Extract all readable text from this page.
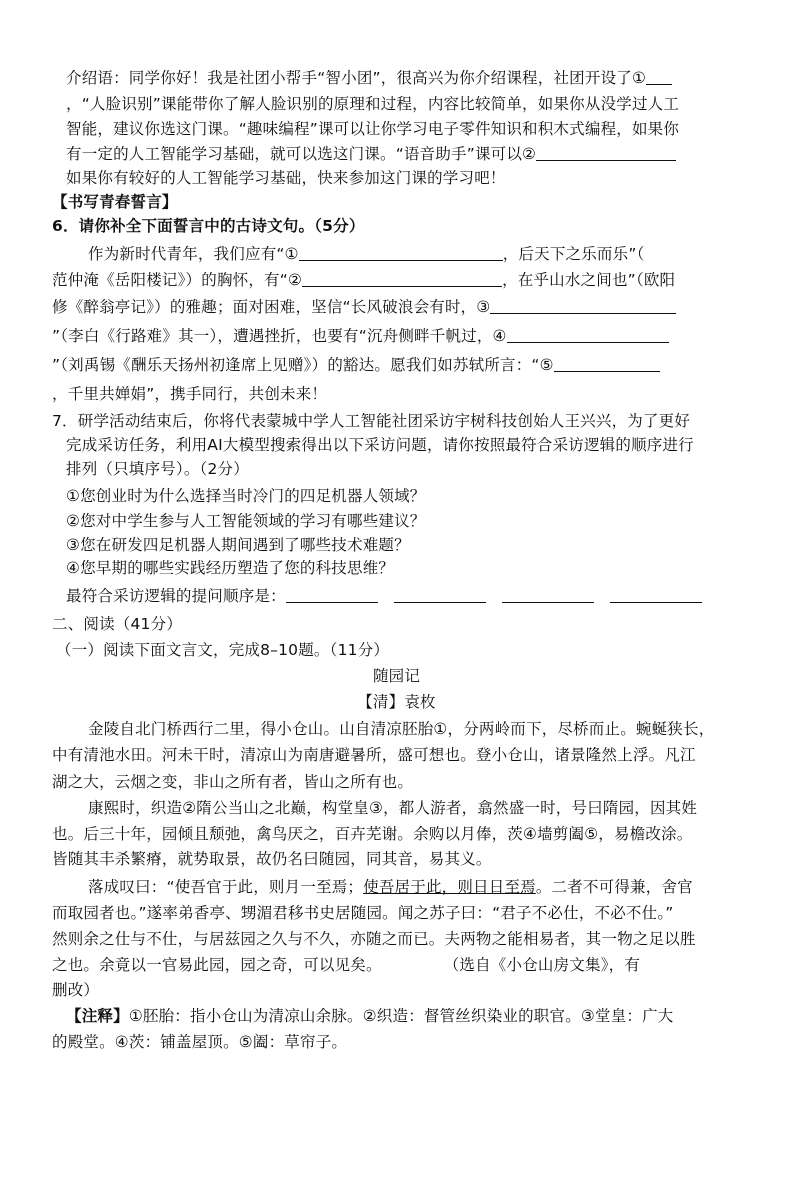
介绍语：同学你好！我是社团小帮手“智小团”，很高兴为你介绍课程，社团开设了①
，“人脸识别”课能带你了解人脸识别的原理和过程，内容比较简单，如果你从没学过人工
智能，建议你选这门课。“趣味编程”课可以让你学习电子零件知识和积木式编程，如果你
有一定的人工智能学习基础，就可以选这门课。“语音助手”课可以②
如果你有较好的人工智能学习基础，快来参加这门课的学习吧！
【书写青春誓言】
6．请你补全下面誓言中的古诗文句。（5分）
作为新时代青年，我们应有“①	，后天下之乐而乐”（
范仲淹《岳阳楼记》）的胸怀，有“②	，在乎山水之间也”（欧阳
修《醉翁亭记》）的雅趣；面对困难，坚信“长风破浪会有时，③
”（李白《行路难》其一），遭遇挫折，也要有“沉舟侧畔千帆过，④
”（刘禹锡《酬乐天扬州初逢席上见赠》）的豁达。愿我们如苏轼所言：“⑤
，千里共婵娟”，携手同行，共创未来！
7．研学活动结束后，你将代表蒙城中学人工智能社团采访宇树科技创始人王兴兴，为了更好
完成采访任务，利用AI大模型搜索得出以下采访问题，请你按照最符合采访逻辑的顺序进行
排列（只填序号）。（2分）
①您创业时为什么选择当时冷门的四足机器人领域？
②您对中学生参与人工智能领域的学习有哪些建议？
③您在研发四足机器人期间遇到了哪些技术难题？
④您早期的哪些实践经历塑造了您的科技思维？
最符合采访逻辑的提问顺序是：
二、阅读（41分）
（一）阅读下面文言文，完成8–10题。（11分）
随园记
【清】袁枚
金陵自北门桥西行二里，得小仓山。山自清凉胚胎①，分两岭而下，尽桥而止。蜿蜒狭长，
中有清池水田。河未干时，清凉山为南唐避暑所，盛可想也。登小仓山，诸景隆然上浮。凡江
湖之大，云烟之变，非山之所有者，皆山之所有也。
康熙时，织造②隋公当山之北巅，构堂皇③，都人游者，翕然盛一时，号曰隋园，因其姓
也。后三十年，园倾且颓弛，禽鸟厌之，百卉芜谢。余购以月俸，茨④墙剪阖⑤，易檐改涂。
皆随其丰杀繁瘠，就势取景，故仍名曰随园，同其音，易其义。
落成叹曰：“使吾官于此，则月一至焉；使吾居于此，则日日至焉。二者不可得兼，舍官
而取园者也。”遂率弟香亭、甥湄君移书史居随园。闻之苏子曰：“君子不必仕，不必不仕。”
然则余之仕与不仕，与居兹园之久与不久，亦随之而已。夫两物之能相易者，其一物之足以胜
之也。余竟以一官易此园，园之奇，可以见矣。	（选自《小仓山房文集》，有
删改）
【注释】①胚胎：指小仓山为清凉山余脉。②织造：督管丝织染业的职官。③堂皇：广大
的殿堂。④茨：铺盖屋顶。⑤阖：草帘子。
